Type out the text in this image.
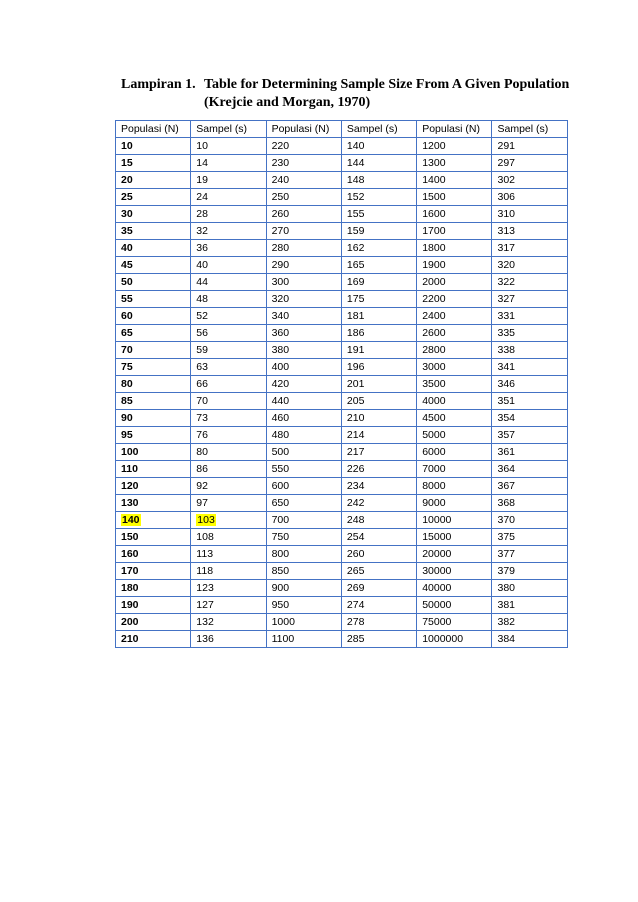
Lampiran 1. Table for Determining Sample Size From A Given Population
(Krejcie and Morgan, 1970)
Populasi (N)	Sampel (s)	Populasi (N)	Sampel (s)	Populasi (N)	Sampel (s)
10	10	220	140	1200	291
15	14	230	144	1300	297
20	19	240	148	1400	302
25	24	250	152	1500	306
30	28	260	155	1600	310
35	32	270	159	1700	313
40	36	280	162	1800	317
45	40	290	165	1900	320
50	44	300	169	2000	322
55	48	320	175	2200	327
60	52	340	181	2400	331
65	56	360	186	2600	335
70	59	380	191	2800	338
75	63	400	196	3000	341
80	66	420	201	3500	346
85	70	440	205	4000	351
90	73	460	210	4500	354
95	76	480	214	5000	357
100	80	500	217	6000	361
110	86	550	226	7000	364
120	92	600	234	8000	367
130	97	650	242	9000	368
140	103	700	248	10000	370
150	108	750	254	15000	375
160	113	800	260	20000	377
170	118	850	265	30000	379
180	123	900	269	40000	380
190	127	950	274	50000	381
200	132	1000	278	75000	382
210	136	1100	285	1000000	384
